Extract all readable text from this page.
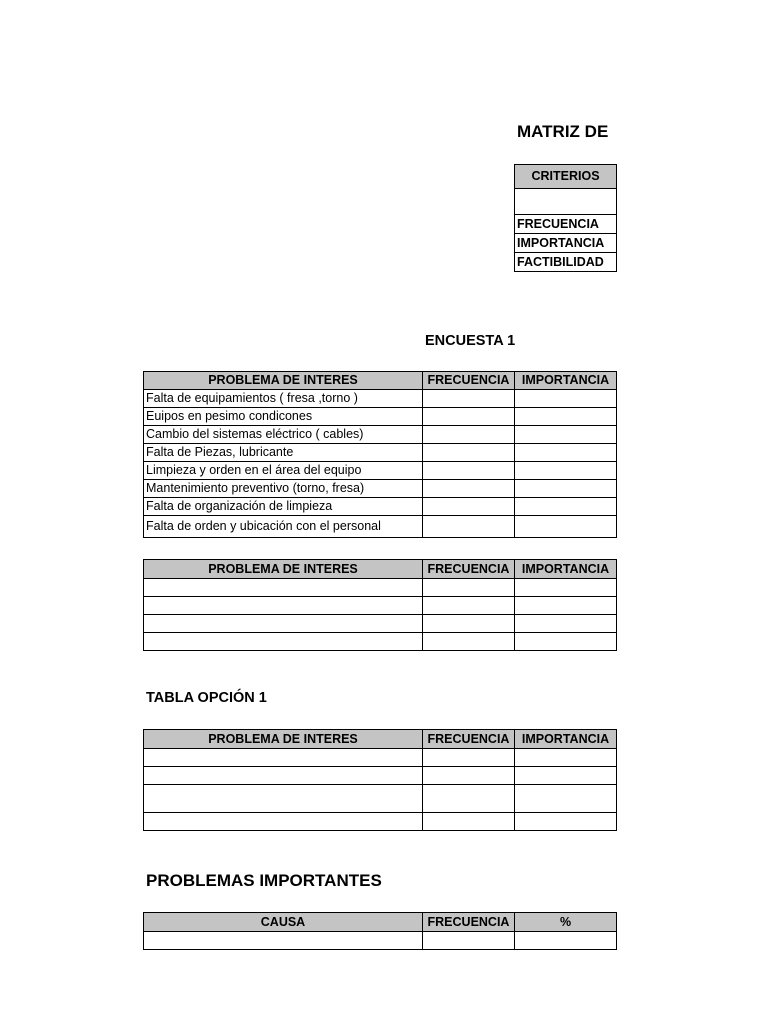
MATRIZ DE
CRITERIOS

FRECUENCIA
IMPORTANCIA
FACTIBILIDAD
ENCUESTA 1
PROBLEMA DE INTERES	FRECUENCIA	IMPORTANCIA
Falta de equipamientos ( fresa ,torno )		
Euipos en pesimo condicones		
Cambio del sistemas eléctrico ( cables)		
Falta de Piezas, lubricante		
Limpieza y orden en el área del equipo		
Mantenimiento preventivo (torno, fresa)		
Falta de organización de limpieza		
Falta de orden y ubicación con el personal		
PROBLEMA DE INTERES	FRECUENCIA	IMPORTANCIA

TABLA OPCIÓN 1
PROBLEMA DE INTERES	FRECUENCIA	IMPORTANCIA

PROBLEMAS IMPORTANTES
CAUSA	FRECUENCIA	%
